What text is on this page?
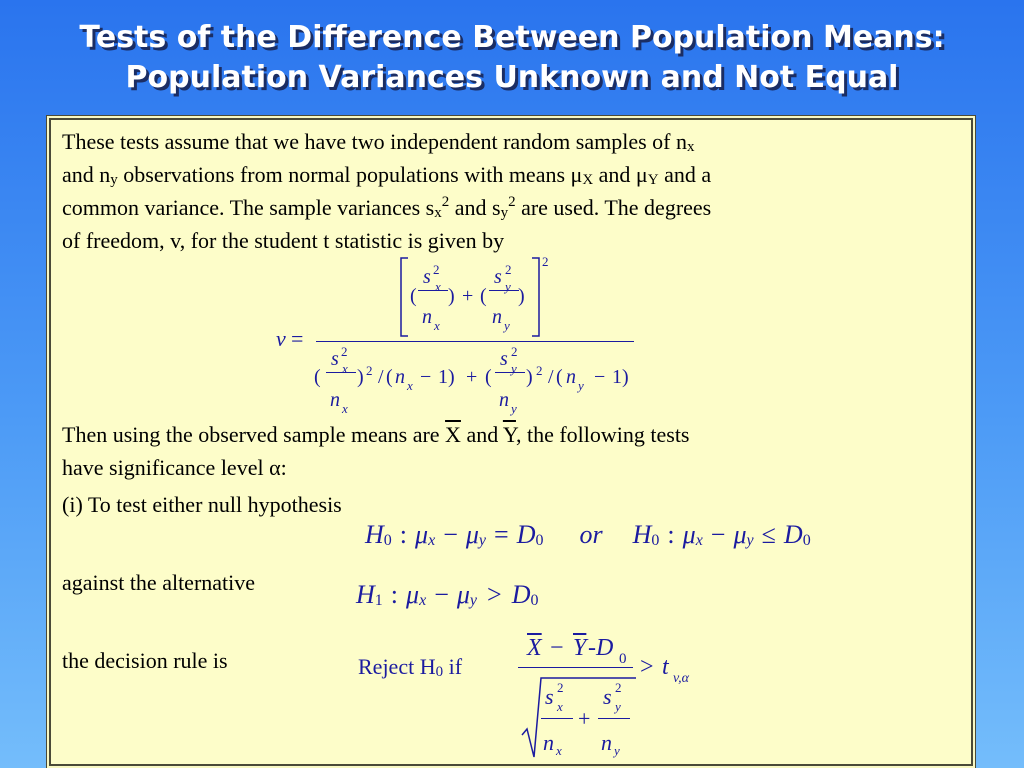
Tests of the Difference Between Population Means:
Population Variances Unknown and Not Equal
These tests assume that we have two independent random samples of $n_x$
and $n_y$ observations from normal populations with means $\mu_X$ and $\mu_Y$ and a
common variance. The sample variances $s_x^2$ and $s_y^2$ are used. The degrees
of freedom, v, for the student t statistic is given by
v =
(
s x
2
n x
) + (
s y
2
n y
)
2
(
s x
2
n x
) 2 / ( n x − 1 ) + (
s y
2
n y
) 2 / ( n y − 1 )
Then using the observed sample means are $\overline{X}$ and $\overline{Y}$, the following tests
have significance level α:
(i) To test either null hypothesis
$H_0$ : $\mu_x - \mu_y = D_0$ or $H_0$ : $\mu_x - \mu_y \le D_0$
against the alternative	$H_1$ : $\mu_x - \mu_y > D_0$
the decision rule is	Reject $H_0$ if
$\overline{X} - \overline{Y}$ -D 0 > t v,α
s x
2
n x
+
s y
2
n y
